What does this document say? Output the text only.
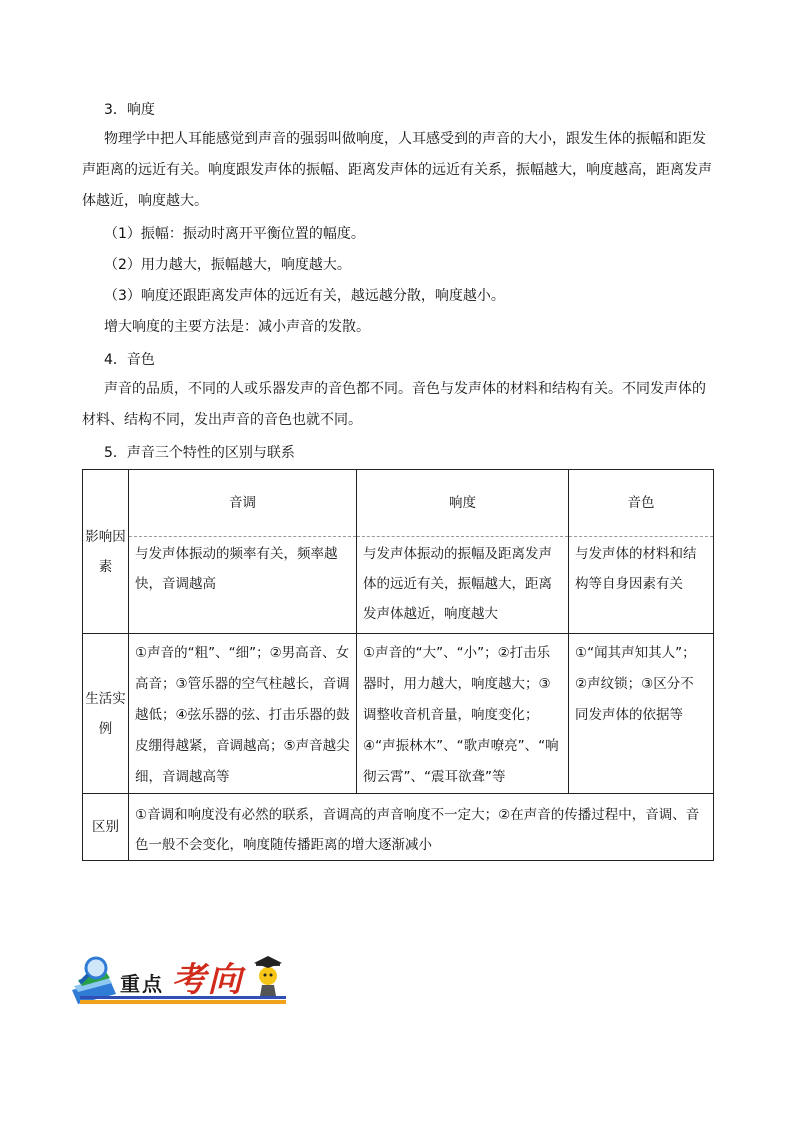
3．响度

物理学中把人耳能感觉到声音的强弱叫做响度，人耳感受到的声音的大小，跟发生体的振幅和距发声距离的远近有关。响度跟发声体的振幅、距离发声体的远近有关系，振幅越大，响度越高，距离发声体越近，响度越大。

（1）振幅：振动时离开平衡位置的幅度。

（2）用力越大，振幅越大，响度越大。

（3）响度还跟距离发声体的远近有关，越远越分散，响度越小。

增大响度的主要方法是：减小声音的发散。

4．音色

声音的品质，不同的人或乐器发声的音色都不同。音色与发声体的材料和结构有关。不同发声体的材料、结构不同，发出声音的音色也就不同。

5．声音三个特性的区别与联系

影响因素	音调	响度	音色
	与发声体振动的频率有关，频率越快，音调越高	与发声体振动的振幅及距离发声体的远近有关，振幅越大，距离发声体越近，响度越大	与发声体的材料和结构等自身因素有关
生活实例	①声音的“粗”、“细”；②男高音、女高音；③管乐器的空气柱越长，音调越低；④弦乐器的弦、打击乐器的鼓皮绷得越紧，音调越高；⑤声音越尖细，音调越高等	①声音的“大”、“小”；②打击乐器时，用力越大，响度越大；③调整收音机音量，响度变化；④“声振林木”、“歌声嘹亮”、“响彻云霄”、“震耳欲聋”等	①“闻其声知其人”；②声纹锁；③区分不同发声体的依据等
区别	①音调和响度没有必然的联系，音调高的声音响度不一定大；②在声音的传播过程中，音调、音色一般不会变化，响度随传播距离的增大逐渐减小		
重点 考向
